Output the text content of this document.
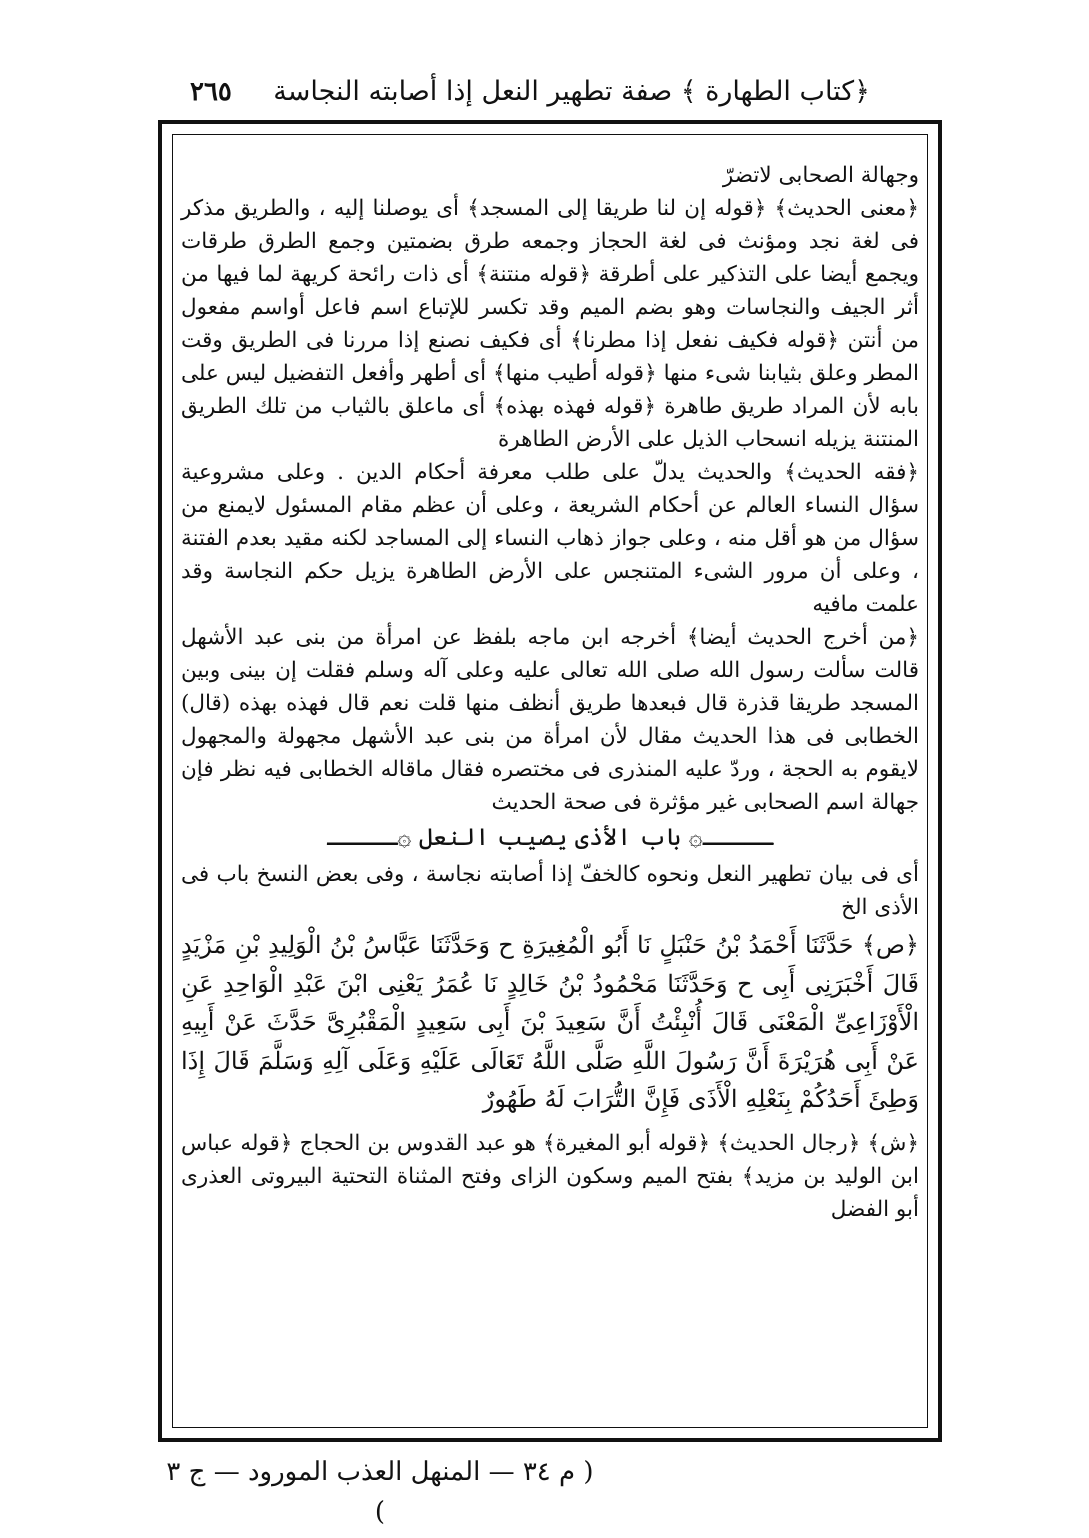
﴿كتاب الطهارة ﴾ صفة تطهير النعل إذا أصابته النجاسة
٢٦٥

وجهالة الصحابى لاتضرّ

﴿معنى الحديث﴾ ﴿قوله إن لنا طريقا إلى المسجد﴾ أى يوصلنا إليه ، والطريق مذكر فى لغة نجد ومؤنث فى لغة الحجاز وجمعه طرق بضمتين وجمع الطرق طرقات ويجمع أيضا على التذكير على أطرقة ﴿قوله منتنة﴾ أى ذات رائحة كريهة لما فيها من أثر الجيف والنجاسات وهو بضم الميم وقد تكسر للإتباع اسم فاعل أواسم مفعول من أنتن ﴿قوله فكيف نفعل إذا مطرنا﴾ أى فكيف نصنع إذا مررنا فى الطريق وقت المطر وعلق بثيابنا شىء منها ﴿قوله أطيب منها﴾ أى أطهر وأفعل التفضيل ليس على بابه لأن المراد طريق طاهرة ﴿قوله فهذه بهذه﴾ أى ماعلق بالثياب من تلك الطريق المنتنة يزيله انسحاب الذيل على الأرض الطاهرة

﴿فقه الحديث﴾ والحديث يدلّ على طلب معرفة أحكام الدين . وعلى مشروعية سؤال النساء العالم عن أحكام الشريعة ، وعلى أن عظم مقام المسئول لايمنع من سؤال من هو أقل منه ، وعلى جواز ذهاب النساء إلى المساجد لكنه مقيد بعدم الفتنة ، وعلى أن مرور الشىء المتنجس على الأرض الطاهرة يزيل حكم النجاسة وقد علمت مافيه

﴿من أخرج الحديث أيضا﴾ أخرجه ابن ماجه بلفظ عن امرأة من بنى عبد الأشهل قالت سألت رسول الله صلى الله تعالى عليه وعلى آله وسلم فقلت إن بينى وبين المسجد طريقا قذرة قال فبعدها طريق أنظف منها قلت نعم قال فهذه بهذه (قال) الخطابى فى هذا الحديث مقال لأن امرأة من بنى عبد الأشهل مجهولة والمجهول لايقوم به الحجة ، وردّ عليه المنذرى فى مختصره فقال ماقاله الخطابى فيه نظر فإن جهالة اسم الصحابى غير مؤثرة فى صحة الحديث

ـــــ۞ باب الأذى يصيب النعل ۞ـــــ

أى فى بيان تطهير النعل ونحوه كالخفّ إذا أصابته نجاسة ، وفى بعض النسخ باب فى الأذى الخ

﴿ص﴾ حَدَّثَنَا أَحْمَدُ بْنُ حَنْبَلٍ نَا أَبُو الْمُغِيرَةِ ح وَحَدَّثَنَا عَبَّاسُ بْنُ الْوَلِيدِ بْنِ مَزْيَدٍ قَالَ أَخْبَرَنِى أَبِى ح وَحَدَّثَنَا مَحْمُودُ بْنُ خَالِدٍ نَا عُمَرُ يَعْنِى ابْنَ عَبْدِ الْوَاحِدِ عَنِ الْأَوْزَاعِىِّ الْمَعْنَى قَالَ أُنْبِئْتُ أَنَّ سَعِيدَ بْنَ أَبِى سَعِيدٍ الْمَقْبُرِىَّ حَدَّثَ عَنْ أَبِيهِ عَنْ أَبِى هُرَيْرَةَ أَنَّ رَسُولَ اللَّهِ صَلَّى اللَّهُ تَعَالَى عَلَيْهِ وَعَلَى آلِهِ وَسَلَّمَ قَالَ إِذَا وَطِئَ أَحَدُكُمْ بِنَعْلِهِ الْأَذَى فَإِنَّ التُّرَابَ لَهُ طَهُورٌ

﴿ش﴾ ﴿رجال الحديث﴾ ﴿قوله أبو المغيرة﴾ هو عبد القدوس بن الحجاج ﴿قوله عباس ابن الوليد بن مزيد﴾ بفتح الميم وسكون الزاى وفتح المثناة التحتية البيروتى العذرى أبو الفضل

( م ٣٤ — المنهل العذب المورود — ج ٣ )
